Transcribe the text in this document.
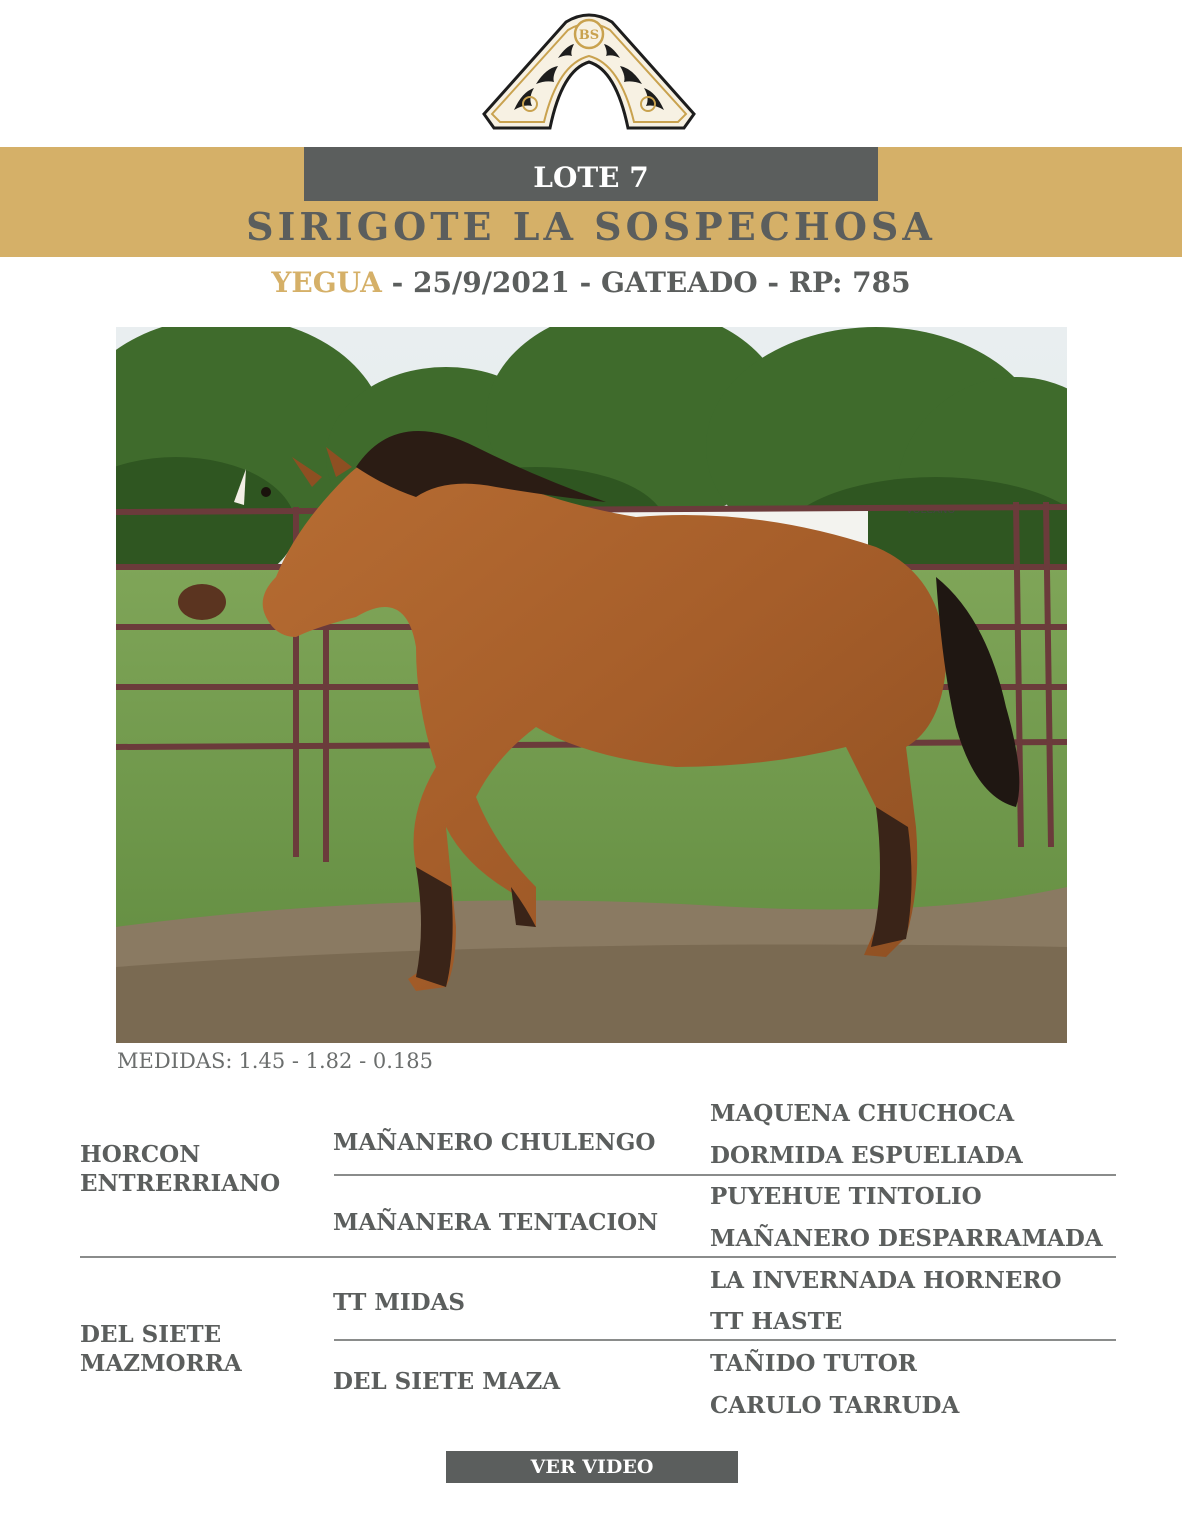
BS
LOTE 7
SIRIGOTE LA SOSPECHOSA
YEGUA - 25/9/2021 - GATEADO - RP: 785
VOLCANO
MEDIDAS: 1.45 - 1.82 - 0.185
HORCON ENTRERRIANO
MAÑANERO CHULENGO
MAÑANERA TENTACION
MAQUENA CHUCHOCA
DORMIDA ESPUELIADA
PUYEHUE TINTOLIO
MAÑANERO DESPARRAMADA
DEL SIETE MAZMORRA
TT MIDAS
DEL SIETE MAZA
LA INVERNADA HORNERO
TT HASTE
TAÑIDO TUTOR
CARULO TARRUDA
VER VIDEO
